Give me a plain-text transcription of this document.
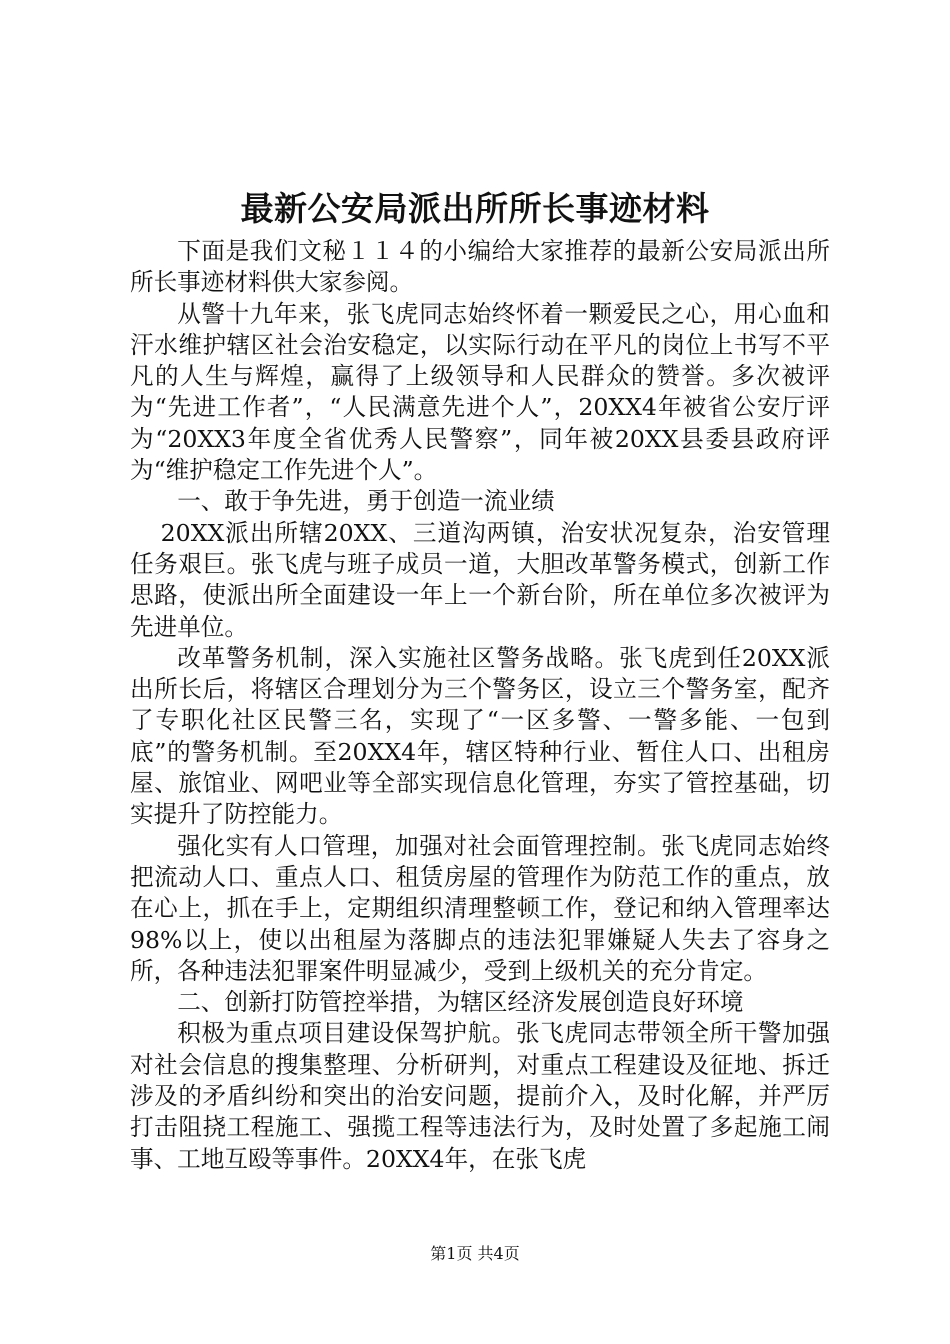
最新公安局派出所所长事迹材料

下面是我们文秘１１４的小编给大家推荐的最新公安局派出所所长事迹材料供大家参阅。

从警十九年来，张飞虎同志始终怀着一颗爱民之心，用心血和汗水维护辖区社会治安稳定，以实际行动在平凡的岗位上书写不平凡的人生与辉煌，赢得了上级领导和人民群众的赞誉。多次被评为“先进工作者”，“人民满意先进个人”，20XX4年被省公安厅评为“20XX3年度全省优秀人民警察”，同年被20XX县委县政府评为“维护稳定工作先进个人”。

一、敢于争先进，勇于创造一流业绩

20XX派出所辖20XX、三道沟两镇，治安状况复杂，治安管理任务艰巨。张飞虎与班子成员一道，大胆改革警务模式，创新工作思路，使派出所全面建设一年上一个新台阶，所在单位多次被评为先进单位。

改革警务机制，深入实施社区警务战略。张飞虎到任20XX派出所长后，将辖区合理划分为三个警务区，设立三个警务室，配齐了专职化社区民警三名，实现了“一区多警、一警多能、一包到底”的警务机制。至20XX4年，辖区特种行业、暂住人口、出租房屋、旅馆业、网吧业等全部实现信息化管理，夯实了管控基础，切实提升了防控能力。

强化实有人口管理，加强对社会面管理控制。张飞虎同志始终把流动人口、重点人口、租赁房屋的管理作为防范工作的重点，放在心上，抓在手上，定期组织清理整顿工作，登记和纳入管理率达98%以上，使以出租屋为落脚点的违法犯罪嫌疑人失去了容身之所，各种违法犯罪案件明显减少，受到上级机关的充分肯定。

二、创新打防管控举措，为辖区经济发展创造良好环境

积极为重点项目建设保驾护航。张飞虎同志带领全所干警加强对社会信息的搜集整理、分析研判，对重点工程建设及征地、拆迁涉及的矛盾纠纷和突出的治安问题，提前介入，及时化解，并严厉打击阻挠工程施工、强揽工程等违法行为，及时处置了多起施工闹事、工地互殴等事件。20XX4年，在张飞虎

第1页 共4页
